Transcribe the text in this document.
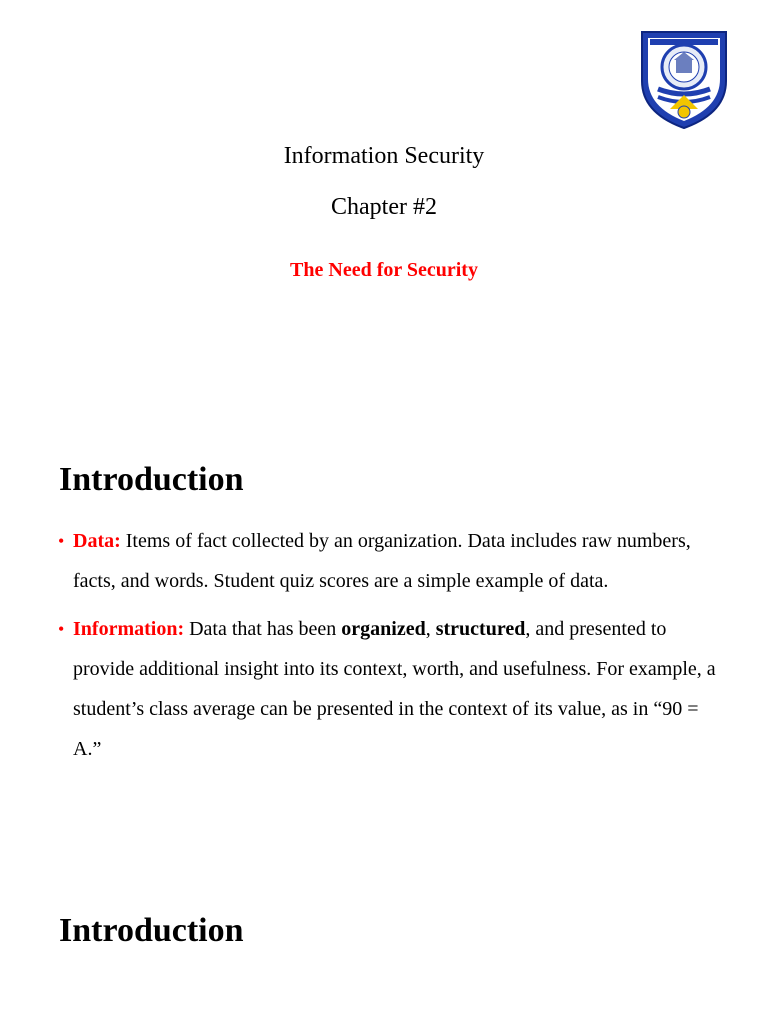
Information Security
Chapter #2
The Need for Security
Introduction
• Data: Items of fact collected by an organization. Data includes raw numbers, facts, and words. Student quiz scores are a simple example of data.
• Information: Data that has been organized, structured, and presented to provide additional insight into its context, worth, and usefulness. For example, a student’s class average can be presented in the context of its value, as in “90 = A.”
Introduction
